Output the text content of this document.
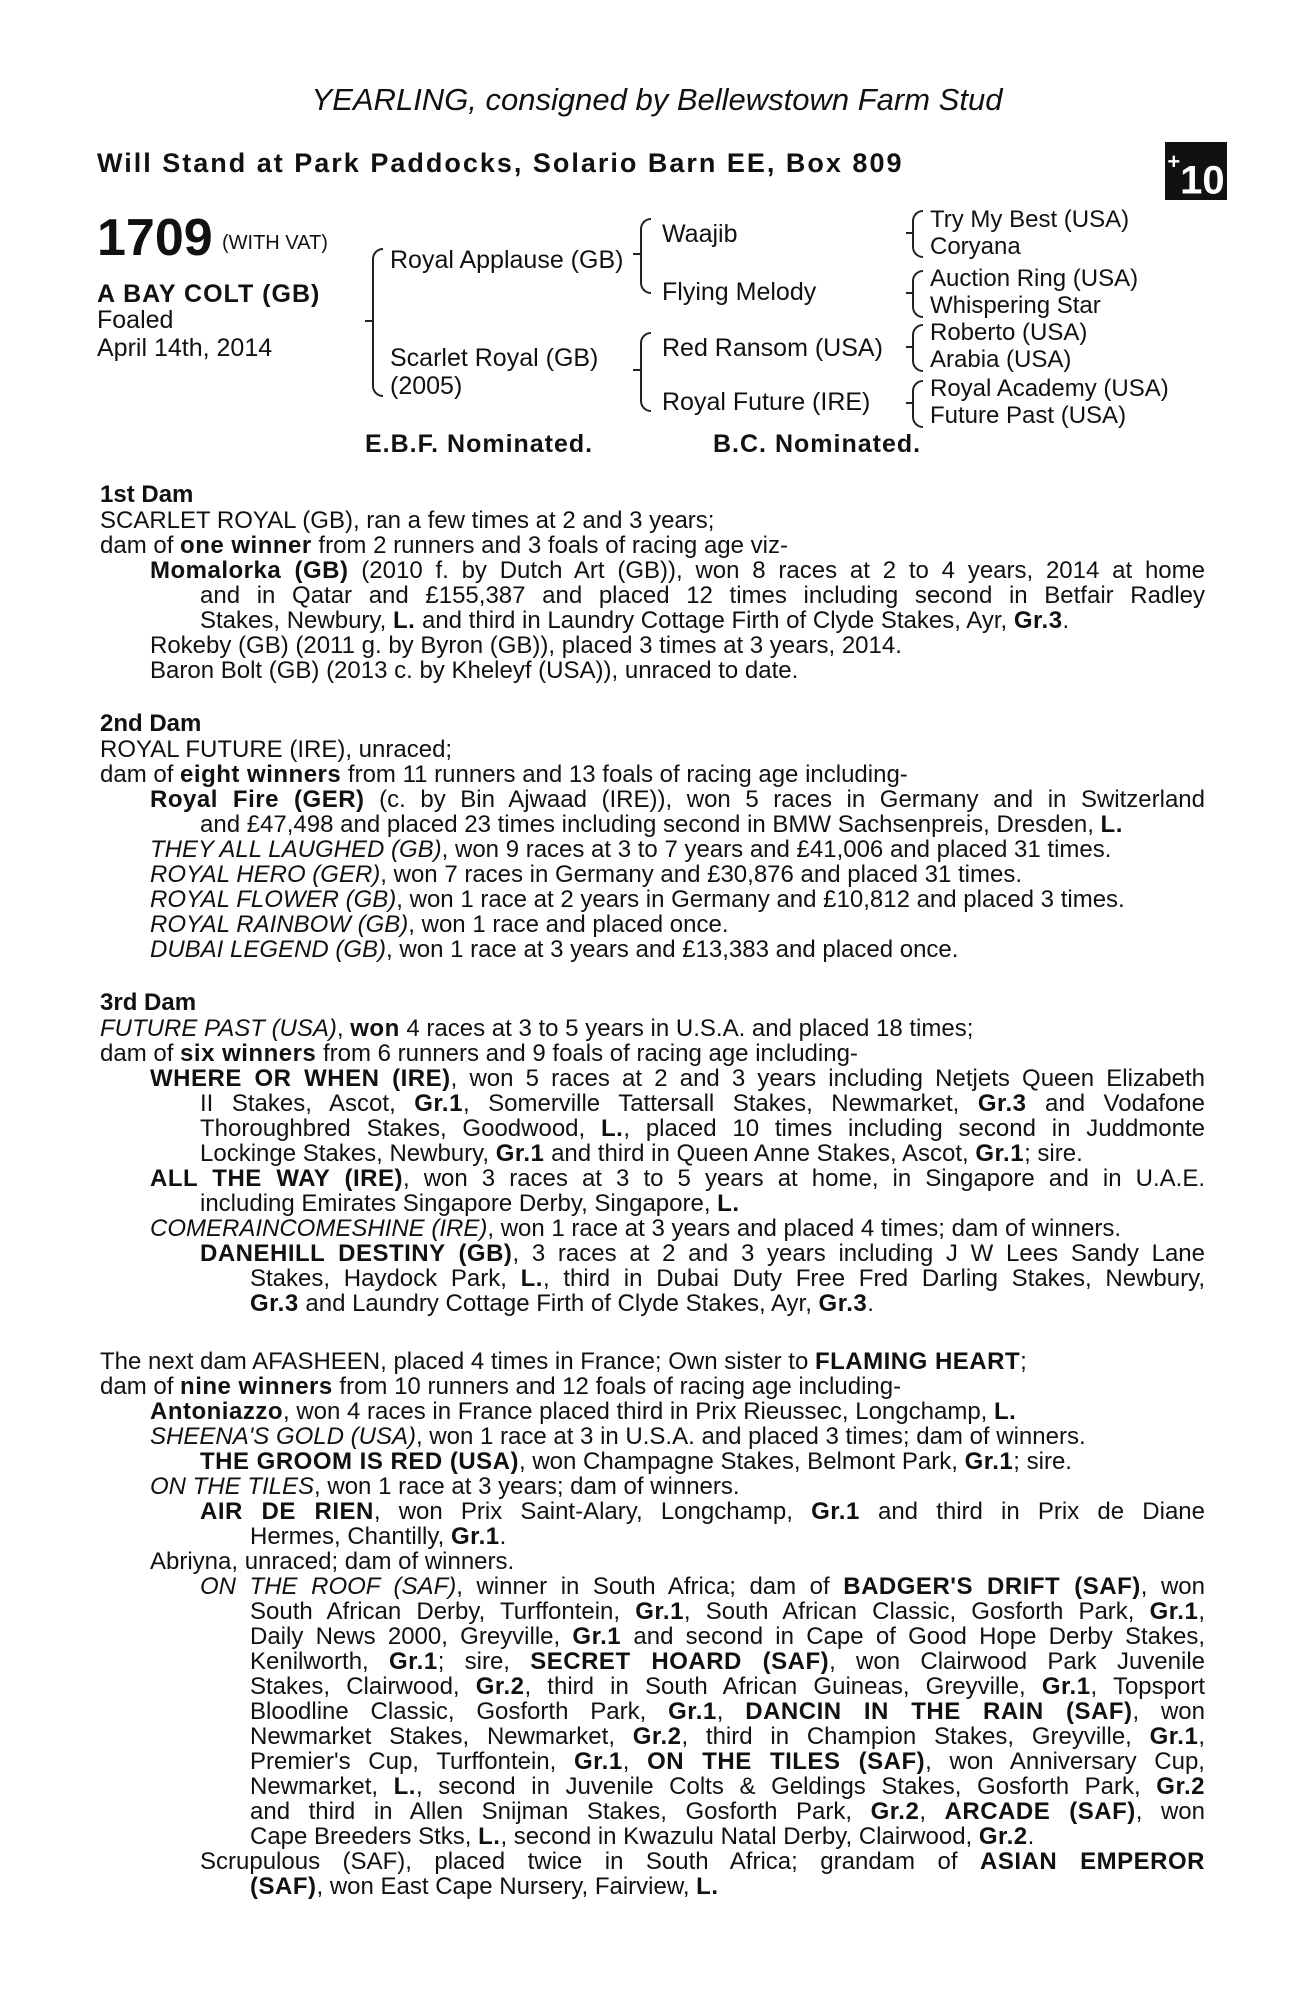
YEARLING, consigned by Bellewstown Farm Stud
Will Stand at Park Paddocks, Solario Barn EE, Box 809	+10
1709 (WITH VAT)
A BAY COLT (GB)
Foaled
April 14th, 2014
Royal Applause (GB)
Scarlet Royal (GB)
(2005)
Waajib
Flying Melody
Red Ransom (USA)
Royal Future (IRE)
Try My Best (USA)
Coryana
Auction Ring (USA)
Whispering Star
Roberto (USA)
Arabia (USA)
Royal Academy (USA)
Future Past (USA)
E.B.F. Nominated.	B.C. Nominated.
1st Dam
SCARLET ROYAL (GB), ran a few times at 2 and 3 years;
dam of one winner from 2 runners and 3 foals of racing age viz-
Momalorka (GB) (2010 f. by Dutch Art (GB)), won 8 races at 2 to 4 years, 2014 at home
and in Qatar and £155,387 and placed 12 times including second in Betfair Radley
Stakes, Newbury, L. and third in Laundry Cottage Firth of Clyde Stakes, Ayr, Gr.3.
Rokeby (GB) (2011 g. by Byron (GB)), placed 3 times at 3 years, 2014.
Baron Bolt (GB) (2013 c. by Kheleyf (USA)), unraced to date.
2nd Dam
ROYAL FUTURE (IRE), unraced;
dam of eight winners from 11 runners and 13 foals of racing age including-
Royal Fire (GER) (c. by Bin Ajwaad (IRE)), won 5 races in Germany and in Switzerland
and £47,498 and placed 23 times including second in BMW Sachsenpreis, Dresden, L.
THEY ALL LAUGHED (GB), won 9 races at 3 to 7 years and £41,006 and placed 31 times.
ROYAL HERO (GER), won 7 races in Germany and £30,876 and placed 31 times.
ROYAL FLOWER (GB), won 1 race at 2 years in Germany and £10,812 and placed 3 times.
ROYAL RAINBOW (GB), won 1 race and placed once.
DUBAI LEGEND (GB), won 1 race at 3 years and £13,383 and placed once.
3rd Dam
FUTURE PAST (USA), won 4 races at 3 to 5 years in U.S.A. and placed 18 times;
dam of six winners from 6 runners and 9 foals of racing age including-
WHERE OR WHEN (IRE), won 5 races at 2 and 3 years including Netjets Queen Elizabeth
II Stakes, Ascot, Gr.1, Somerville Tattersall Stakes, Newmarket, Gr.3 and Vodafone
Thoroughbred Stakes, Goodwood, L., placed 10 times including second in Juddmonte
Lockinge Stakes, Newbury, Gr.1 and third in Queen Anne Stakes, Ascot, Gr.1; sire.
ALL THE WAY (IRE), won 3 races at 3 to 5 years at home, in Singapore and in U.A.E.
including Emirates Singapore Derby, Singapore, L.
COMERAINCOMESHINE (IRE), won 1 race at 3 years and placed 4 times; dam of winners.
DANEHILL DESTINY (GB), 3 races at 2 and 3 years including J W Lees Sandy Lane
Stakes, Haydock Park, L., third in Dubai Duty Free Fred Darling Stakes, Newbury,
Gr.3 and Laundry Cottage Firth of Clyde Stakes, Ayr, Gr.3.
The next dam AFASHEEN, placed 4 times in France; Own sister to FLAMING HEART;
dam of nine winners from 10 runners and 12 foals of racing age including-
Antoniazzo, won 4 races in France placed third in Prix Rieussec, Longchamp, L.
SHEENA'S GOLD (USA), won 1 race at 3 in U.S.A. and placed 3 times; dam of winners.
THE GROOM IS RED (USA), won Champagne Stakes, Belmont Park, Gr.1; sire.
ON THE TILES, won 1 race at 3 years; dam of winners.
AIR DE RIEN, won Prix Saint-Alary, Longchamp, Gr.1 and third in Prix de Diane
Hermes, Chantilly, Gr.1.
Abriyna, unraced; dam of winners.
ON THE ROOF (SAF), winner in South Africa; dam of BADGER'S DRIFT (SAF), won
South African Derby, Turffontein, Gr.1, South African Classic, Gosforth Park, Gr.1,
Daily News 2000, Greyville, Gr.1 and second in Cape of Good Hope Derby Stakes,
Kenilworth, Gr.1; sire, SECRET HOARD (SAF), won Clairwood Park Juvenile
Stakes, Clairwood, Gr.2, third in South African Guineas, Greyville, Gr.1, Topsport
Bloodline Classic, Gosforth Park, Gr.1, DANCIN IN THE RAIN (SAF), won
Newmarket Stakes, Newmarket, Gr.2, third in Champion Stakes, Greyville, Gr.1,
Premier's Cup, Turffontein, Gr.1, ON THE TILES (SAF), won Anniversary Cup,
Newmarket, L., second in Juvenile Colts & Geldings Stakes, Gosforth Park, Gr.2
and third in Allen Snijman Stakes, Gosforth Park, Gr.2, ARCADE (SAF), won
Cape Breeders Stks, L., second in Kwazulu Natal Derby, Clairwood, Gr.2.
Scrupulous (SAF), placed twice in South Africa; grandam of ASIAN EMPEROR
(SAF), won East Cape Nursery, Fairview, L.
